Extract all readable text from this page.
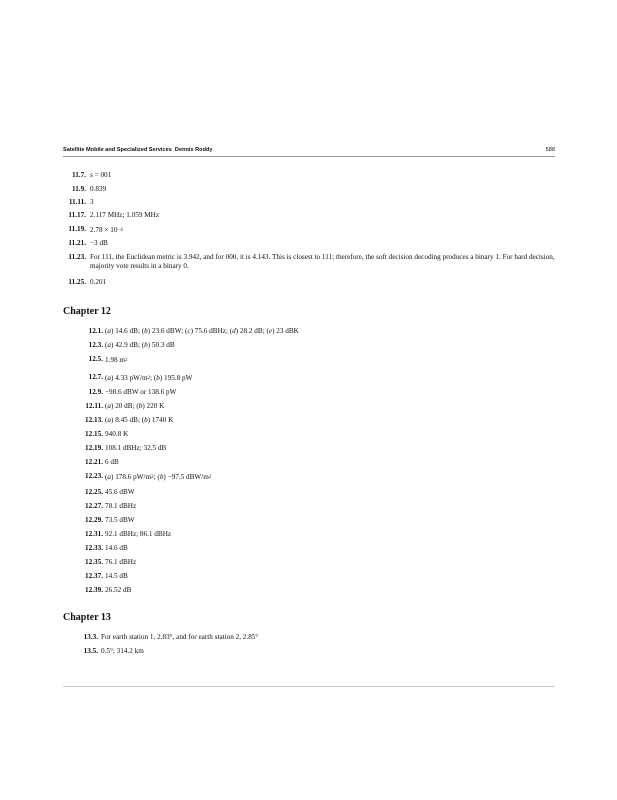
Satellite Mobile and Specialized Services Dennis Roddy	588
11.7. s = 001
11.9. 0.839
11.11. 3
11.17. 2.117 MHz; 1.059 MHz
11.19. $2.78 \times 10^{-4}$
11.21. −3 dB
11.23. For 111, the Euclidean metric is 3.942, and for 000, it is 4.143. This is closest to 111; therefore, the soft decision decoding produces a binary 1. For hard decision, majority vote results in a binary 0.
11.25. 0.201
Chapter 12
12.1. (a) 14.6 dB; (b) 23.6 dBW; (c) 75.6 dBHz; (d) 28.2 dB; (e) 23 dBK
12.3. (a) 42.9 dB; (b) 50.3 dB
12.5. 1.98 $m^2$
12.7. (a) 4.33 $pW/m^2$; (b) 195.8 pW
12.9. −98.6 dBW or 138.6 pW
12.11. (a) 20 dB; (b) 220 K
12.13. (a) 8.45 dB; (b) 1740 K
12.15. 940.8 K
12.19. 108.1 dBHz; 32.5 dB
12.21. 6 dB
12.23. (a) 178.6 $pW/m^2$; (b) −97.5 dBW/$m^2$
12.25. 45.6 dBW
12.27. 78.1 dBHz
12.29. 73.5 dBW
12.31. 92.1 dBHz; 86.1 dBHz
12.33. 14.6 dB
12.35. 76.1 dBHz
12.37. 14.5 dB
12.39. 26.52 dB
Chapter 13
13.3. For earth station 1, 2.83°, and for earth station 2, 2.85°
13.5. 0.5°; 314.2 km
